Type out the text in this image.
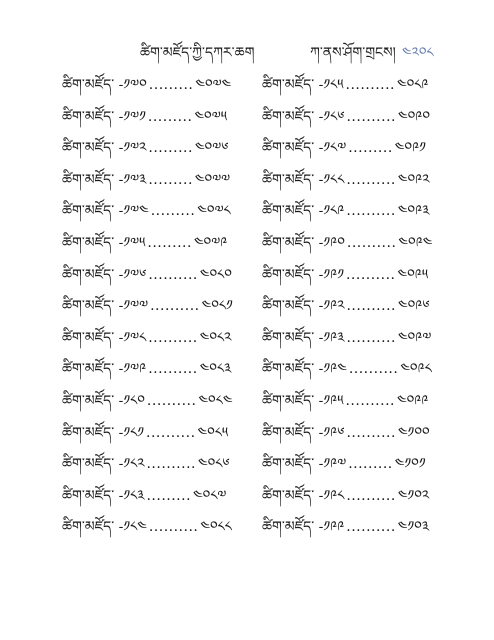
ཚིག་མཛོད་ཀྱི་དཀར་ཆག	ཀ་ནས་ཤོག་གྲངས། ༤༢༠༨
ཚིག་མཛོད་ -༡༧༠ ......... ༤༠༧༤
ཚིག་མཛོད་ -༡༧༡ ......... ༤༠༧༥
ཚིག་མཛོད་ -༡༧༢ ......... ༤༠༧༦
ཚིག་མཛོད་ -༡༧༣ ......... ༤༠༧༧
ཚིག་མཛོད་ -༡༧༤ ......... ༤༠༧༨
ཚིག་མཛོད་ -༡༧༥ ......... ༤༠༧༩
ཚིག་མཛོད་ -༡༧༦ .......... ༤༠༨༠
ཚིག་མཛོད་ -༡༧༧ .......... ༤༠༨༡
ཚིག་མཛོད་ -༡༧༨ .......... ༤༠༨༢
ཚིག་མཛོད་ -༡༧༩ .......... ༤༠༨༣
ཚིག་མཛོད་ -༡༨༠ .......... ༤༠༨༤
ཚིག་མཛོད་ -༡༨༡ .......... ༤༠༨༥
ཚིག་མཛོད་ -༡༨༢ .......... ༤༠༨༦
ཚིག་མཛོད་ -༡༨༣ ......... ༤༠༨༧
ཚིག་མཛོད་ -༡༨༤ .......... ༤༠༨༨
ཚིག་མཛོད་ -༡༨༥ .......... ༤༠༨༩
ཚིག་མཛོད་ -༡༨༦ .......... ༤༠༩༠
ཚིག་མཛོད་ -༡༨༧ ......... ༤༠༩༡
ཚིག་མཛོད་ -༡༨༨ .......... ༤༠༩༢
ཚིག་མཛོད་ -༡༨༩ .......... ༤༠༩༣
ཚིག་མཛོད་ -༡༩༠ .......... ༤༠༩༤
ཚིག་མཛོད་ -༡༩༡ .......... ༤༠༩༥
ཚིག་མཛོད་ -༡༩༢ .......... ༤༠༩༦
ཚིག་མཛོད་ -༡༩༣ .......... ༤༠༩༧
ཚིག་མཛོད་ -༡༩༤ .......... ༤༠༩༨
ཚིག་མཛོད་ -༡༩༥ .......... ༤༠༩༩
ཚིག་མཛོད་ -༡༩༦ .......... ༤༡༠༠
ཚིག་མཛོད་ -༡༩༧ ......... ༤༡༠༡
ཚིག་མཛོད་ -༡༩༨ .......... ༤༡༠༢
ཚིག་མཛོད་ -༡༩༩ .......... ༤༡༠༣
